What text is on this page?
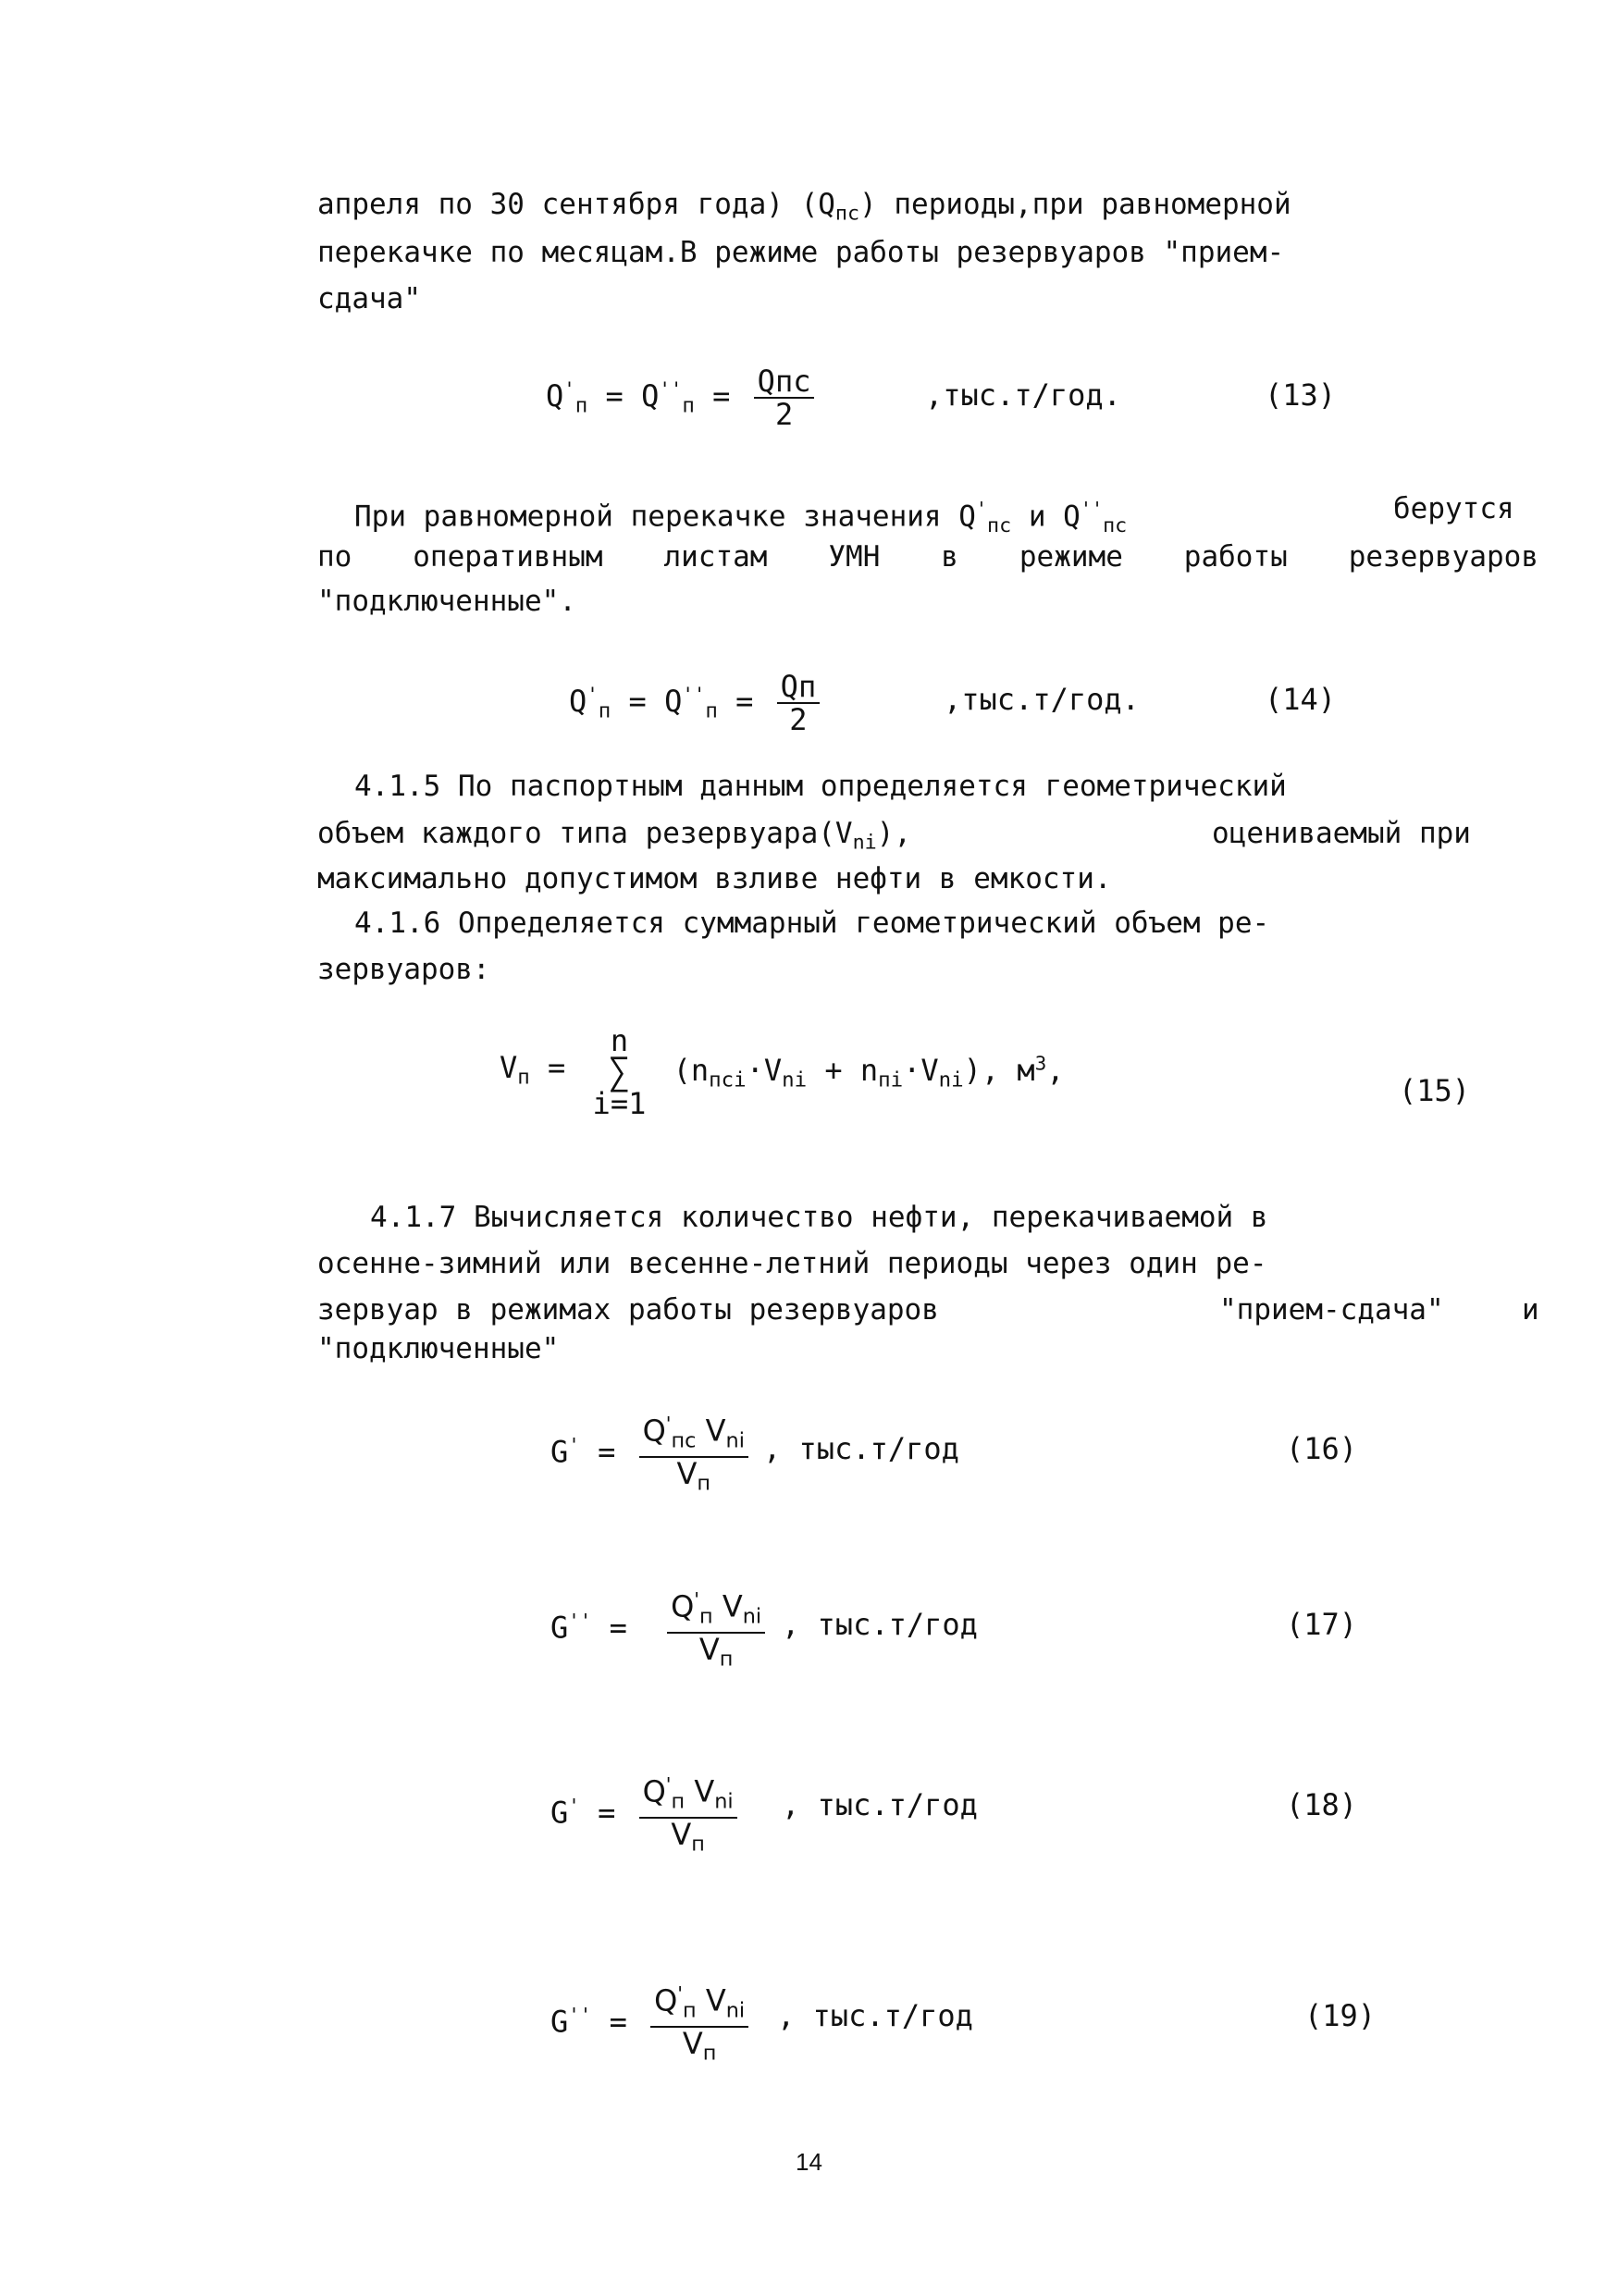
апреля по 30 сентября года) $(Q_{пс})$ периоды,при равномерной
перекачке по месяцам.В режиме работы резервуаров "прием-
сдача"
$Q'_п = Q''_п = \frac{\text{Qпс}}{2}$	,тыс.т/год.	(13)
При равномерной перекачке значения $Q'_{пс}$ и $Q''_{пс}$
берутся
по оперативным листам УМН в режиме работы резервуаров
"подключенные".
$Q'_п = Q''_п = \frac{Qп}{2}$	,тыс.т/год.	(14)
4.1.5 По паспортным данным определяется геометрический
объем каждого типа $резервуара(V_{ni})$,	оцениваемый при
максимально допустимом взливе нефти в емкости.
4.1.6 Определяется суммарный геометрический объем ре-
зервуаров:
$V_п$ =
n
∑
i=1
$(n_{пci}\cdot V_{ni} + n_{пi}\cdot V_{ni})$, $м^3$,
(15)
4.1.7 Вычисляется количество нефти, перекачиваемой в
осенне-зимний или весенне-летний периоды через один ре-
зервуар в режимах работы резервуаров	"прием-сдача"	и
"подключенные"
$G' = \frac{Q'_{пс} V_{ni}}{V_п}$ , тыс.т/год	(16)
$G'' = \frac{Q'_п V_{ni}}{V_п}$ , тыс.т/год	(17)
$G' = \frac{Q'_п V_{ni}}{V_п}$ , тыс.т/год	(18)
$G'' = \frac{Q'_п V_{ni}}{V_п}$ , тыс.т/год	(19)
14
